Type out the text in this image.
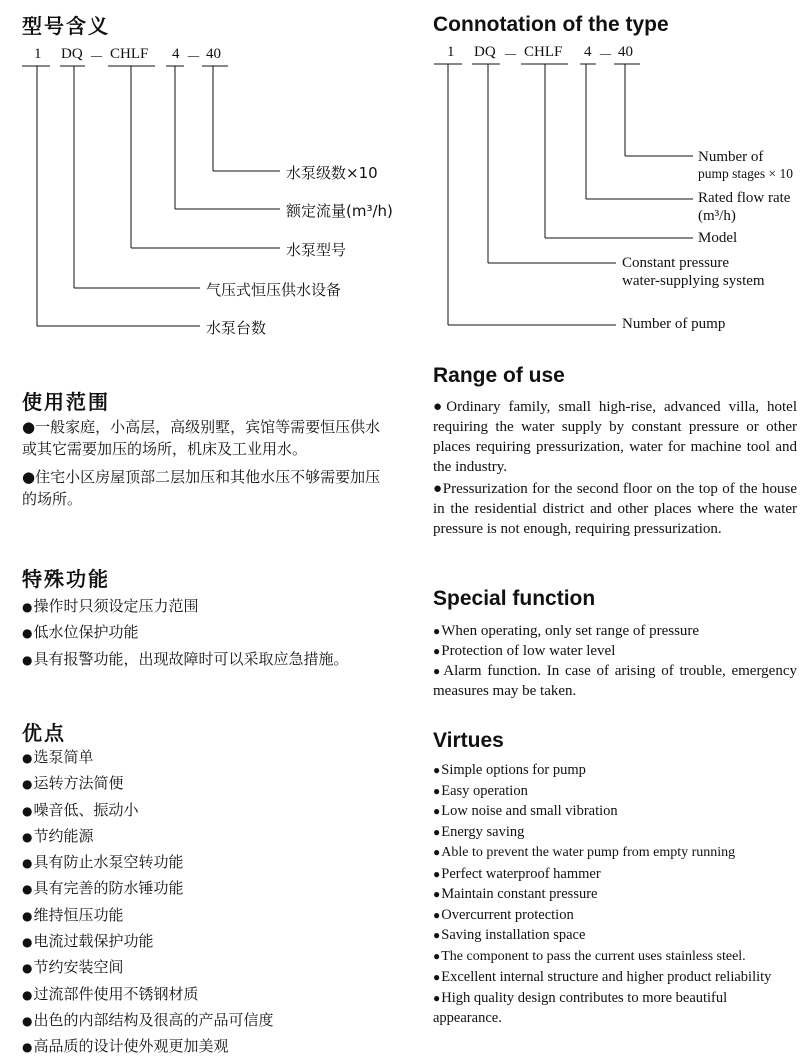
型号含义
1 DQ － CHLF 4 － 40
水泵级数×10
额定流量(m³/h)
水泵型号
气压式恒压供水设备
水泵台数
使用范围
●一般家庭，小高层，高级别墅，宾馆等需要恒压供水或其它需要加压的场所，机床及工业用水。
●住宅小区房屋顶部二层加压和其他水压不够需要加压的场所。
特殊功能
● 操作时只须设定压力范围
● 低水位保护功能
● 具有报警功能，出现故障时可以采取应急措施。
优点
● 选泵简单
● 运转方法简便
● 噪音低、振动小
● 节约能源
● 具有防止水泵空转功能
● 具有完善的防水锤功能
● 维持恒压功能
● 电流过载保护功能
● 节约安装空间
● 过流部件使用不锈钢材质
● 出色的内部结构及很高的产品可信度
● 高品质的设计使外观更加美观
Connotation of the type
1 DQ － CHLF 4 － 40
Number of
pump stages × 10
Rated flow rate
(m³/h)
Model
Constant pressure
water-supplying system
Number of pump
Range of use
●Ordinary family, small high-rise, advanced villa, hotel requiring the water supply by constant pressure or other places requiring pressurization, water for machine tool and the industry.
●Pressurization for the second floor on the top of the house in the residential district and other places where the water pressure is not enough, requiring pressurization.
Special function
● When operating, only set range of pressure
● Protection of low water level
● Alarm function. In case of arising of trouble, emergency measures may be taken.
Virtues
● Simple options for pump
● Easy operation
● Low noise and small vibration
● Energy saving
● Able to prevent the water pump from empty running
● Perfect waterproof hammer
● Maintain constant pressure
● Overcurrent protection
● Saving installation space
● The component to pass the current uses stainless steel.
● Excellent internal structure and higher product reliability
● High quality design contributes to more beautiful appearance.
